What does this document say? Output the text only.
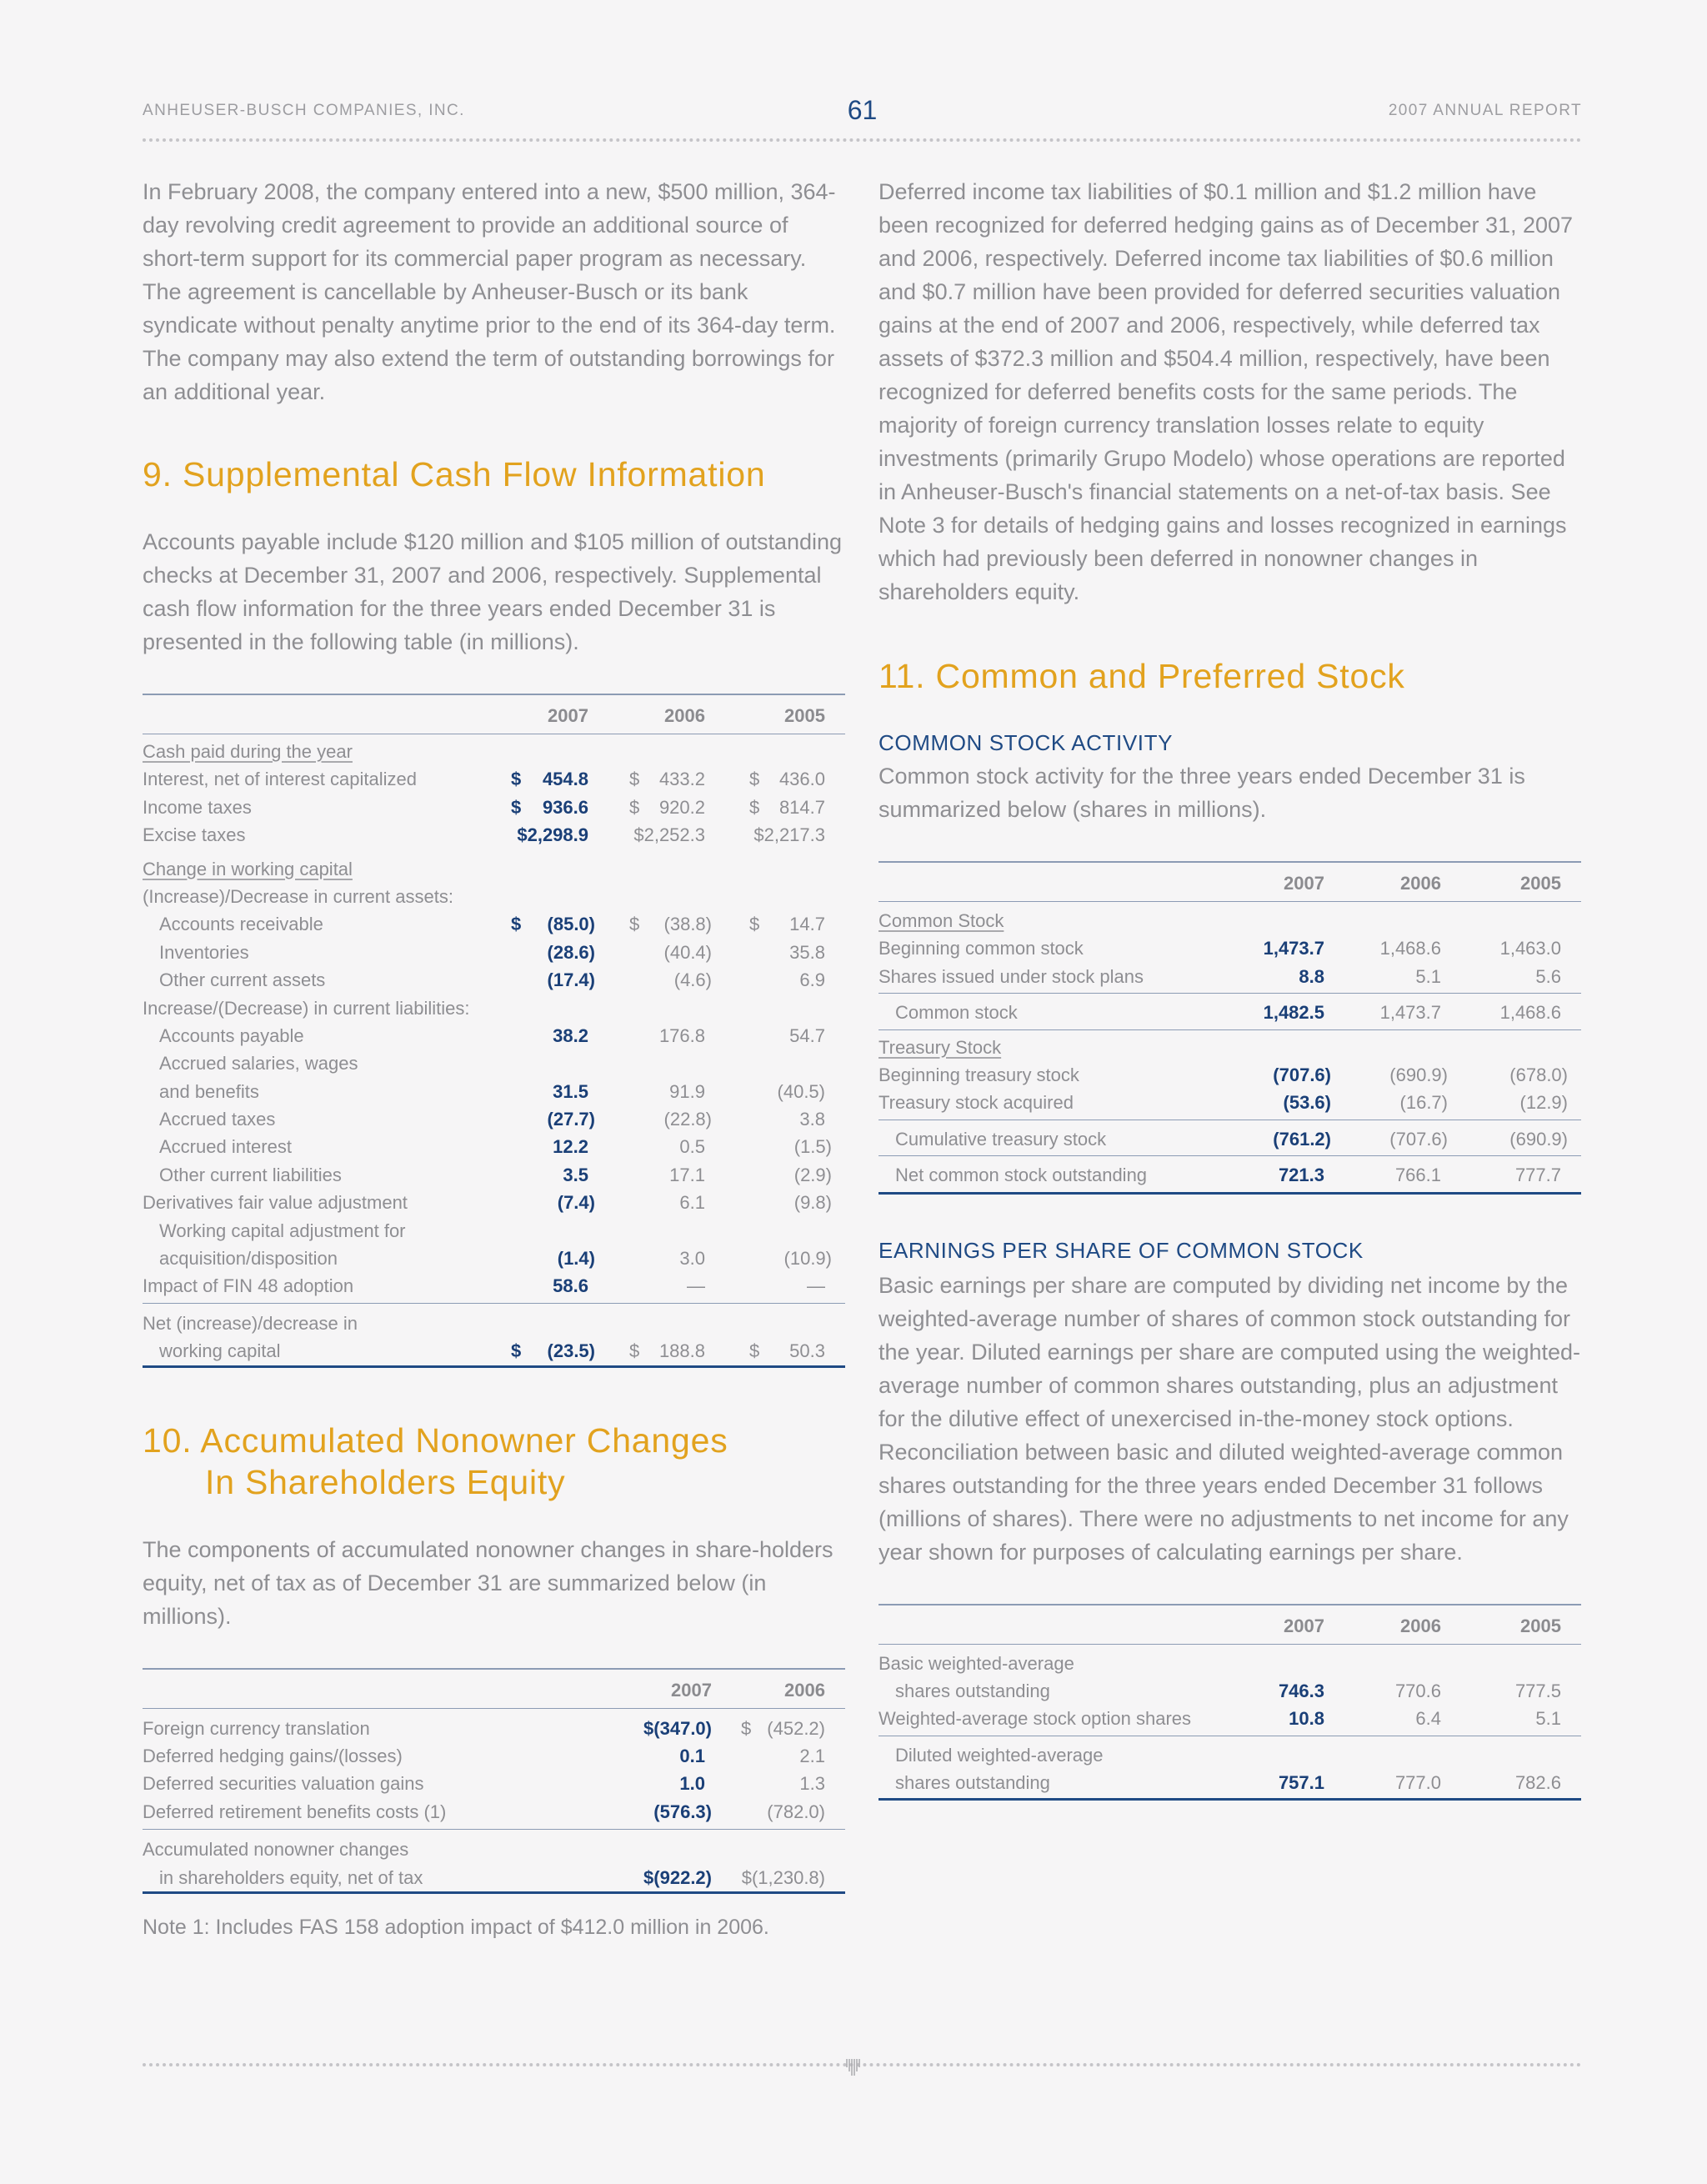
ANHEUSER-BUSCH COMPANIES, INC.	61	2007 ANNUAL REPORT

In February 2008, the company entered into a new, $500 million, 364-day revolving credit agreement to provide an additional source of short-term support for its commercial paper program as necessary. The agreement is cancellable by Anheuser-Busch or its bank syndicate without penalty anytime prior to the end of its 364-day term. The company may also extend the term of outstanding borrowings for an additional year.

9. Supplemental Cash Flow Information

Accounts payable include $120 million and $105 million of outstanding checks at December 31, 2007 and 2006, respectively. Supplemental cash flow information for the three years ended December 31 is presented in the following table (in millions).

2007	2006	2005
Cash paid during the year
Interest, net of interest capitalized	$ 454.8 $ 433.2 $ 436.0
Income taxes	$ 936.6 $ 920.2 $ 814.7
Excise taxes	$2,298.9 $2,252.3	$2,217.3
Change in working capital
(Increase)/Decrease in current assets:
Accounts receivable	$ (85.0) $ (38.8) $ 14.7
Inventories	(28.6)	(40.4)	35.8
Other current assets	(17.4)	(4.6)	6.9
Increase/(Decrease) in current liabilities:
Accounts payable	38.2	176.8	54.7
Accrued salaries, wages
and benefits	31.5	91.9	(40.5)
Accrued taxes	(27.7)	(22.8)	3.8
Accrued interest	12.2	0.5	(1.5)
Other current liabilities	3.5	17.1	(2.9)
Derivatives fair value adjustment	(7.4)	6.1	(9.8)
Working capital adjustment for
acquisition/disposition	(1.4)	3.0	(10.9)
Impact of FIN 48 adoption	58.6	—	—
Net (increase)/decrease in
working capital	$ (23.5) $ 188.8 $ 50.3
10. Accumulated Nonowner Changes
In Shareholders Equity

The components of accumulated nonowner changes in share-holders equity, net of tax as of December 31 are summarized below (in millions).

2007	2006
Foreign currency translation	$(347.0) $ (452.2)
Deferred hedging gains/(losses)	0.1	2.1
Deferred securities valuation gains	1.0	1.3
Deferred retirement benefits costs (1)	(576.3)	(782.0)
Accumulated nonowner changes
in shareholders equity, net of tax	$(922.2) $(1,230.8)
Note 1: Includes FAS 158 adoption impact of $412.0 million in 2006.

Deferred income tax liabilities of $0.1 million and $1.2 million have been recognized for deferred hedging gains as of December 31, 2007 and 2006, respectively. Deferred income tax liabilities of $0.6 million and $0.7 million have been provided for deferred securities valuation gains at the end of 2007 and 2006, respectively, while deferred tax assets of $372.3 million and $504.4 million, respectively, have been recognized for deferred benefits costs for the same periods. The majority of foreign currency translation losses relate to equity investments (primarily Grupo Modelo) whose operations are reported in Anheuser-Busch's financial statements on a net-of-tax basis. See Note 3 for details of hedging gains and losses recognized in earnings which had previously been deferred in nonowner changes in shareholders equity.

11. Common and Preferred Stock
COMMON STOCK ACTIVITY

Common stock activity for the three years ended December 31 is summarized below (shares in millions).

2007	2006	2005
Common Stock
Beginning common stock	1,473.7	1,468.6	1,463.0
Shares issued under stock plans	8.8	5.1	5.6
Common stock	1,482.5	1,473.7	1,468.6
Treasury Stock
Beginning treasury stock	(707.6)	(690.9)	(678.0)
Treasury stock acquired	(53.6)	(16.7)	(12.9)
Cumulative treasury stock	(761.2)	(707.6)	(690.9)
Net common stock outstanding	721.3	766.1	777.7
EARNINGS PER SHARE OF COMMON STOCK

Basic earnings per share are computed by dividing net income by the weighted-average number of shares of common stock outstanding for the year. Diluted earnings per share are computed using the weighted-average number of common shares outstanding, plus an adjustment for the dilutive effect of unexercised in-the-money stock options. Reconciliation between basic and diluted weighted-average common shares outstanding for the three years ended December 31 follows (millions of shares). There were no adjustments to net income for any year shown for purposes of calculating earnings per share.

2007	2006	2005
Basic weighted-average
shares outstanding	746.3	770.6	777.5
Weighted-average stock option shares	10.8	6.4	5.1
Diluted weighted-average
shares outstanding	757.1	777.0	782.6
